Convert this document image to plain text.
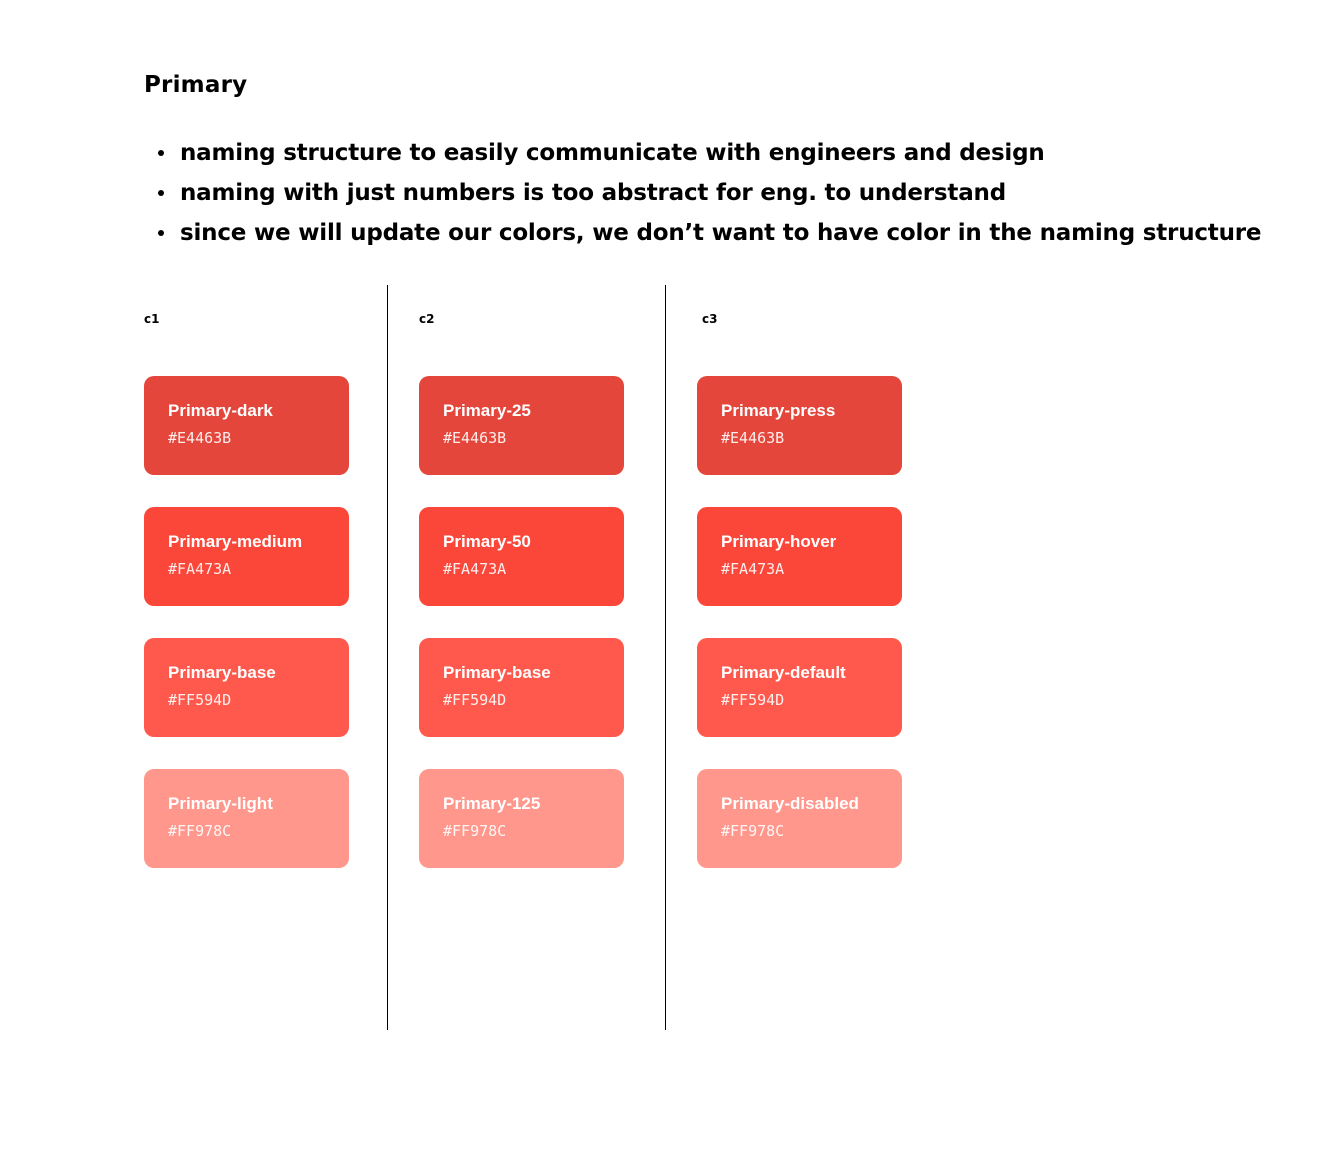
Primary
naming structure to easily communicate with engineers and design
naming with just numbers is too abstract for eng. to understand
since we will update our colors, we don’t want to have color in the naming structure
c1
Primary-dark
#E4463B
Primary-medium
#FA473A
Primary-base
#FF594D
Primary-light
#FF978C
c2
Primary-25
#E4463B
Primary-50
#FA473A
Primary-base
#FF594D
Primary-125
#FF978C
c3
Primary-press
#E4463B
Primary-hover
#FA473A
Primary-default
#FF594D
Primary-disabled
#FF978C
